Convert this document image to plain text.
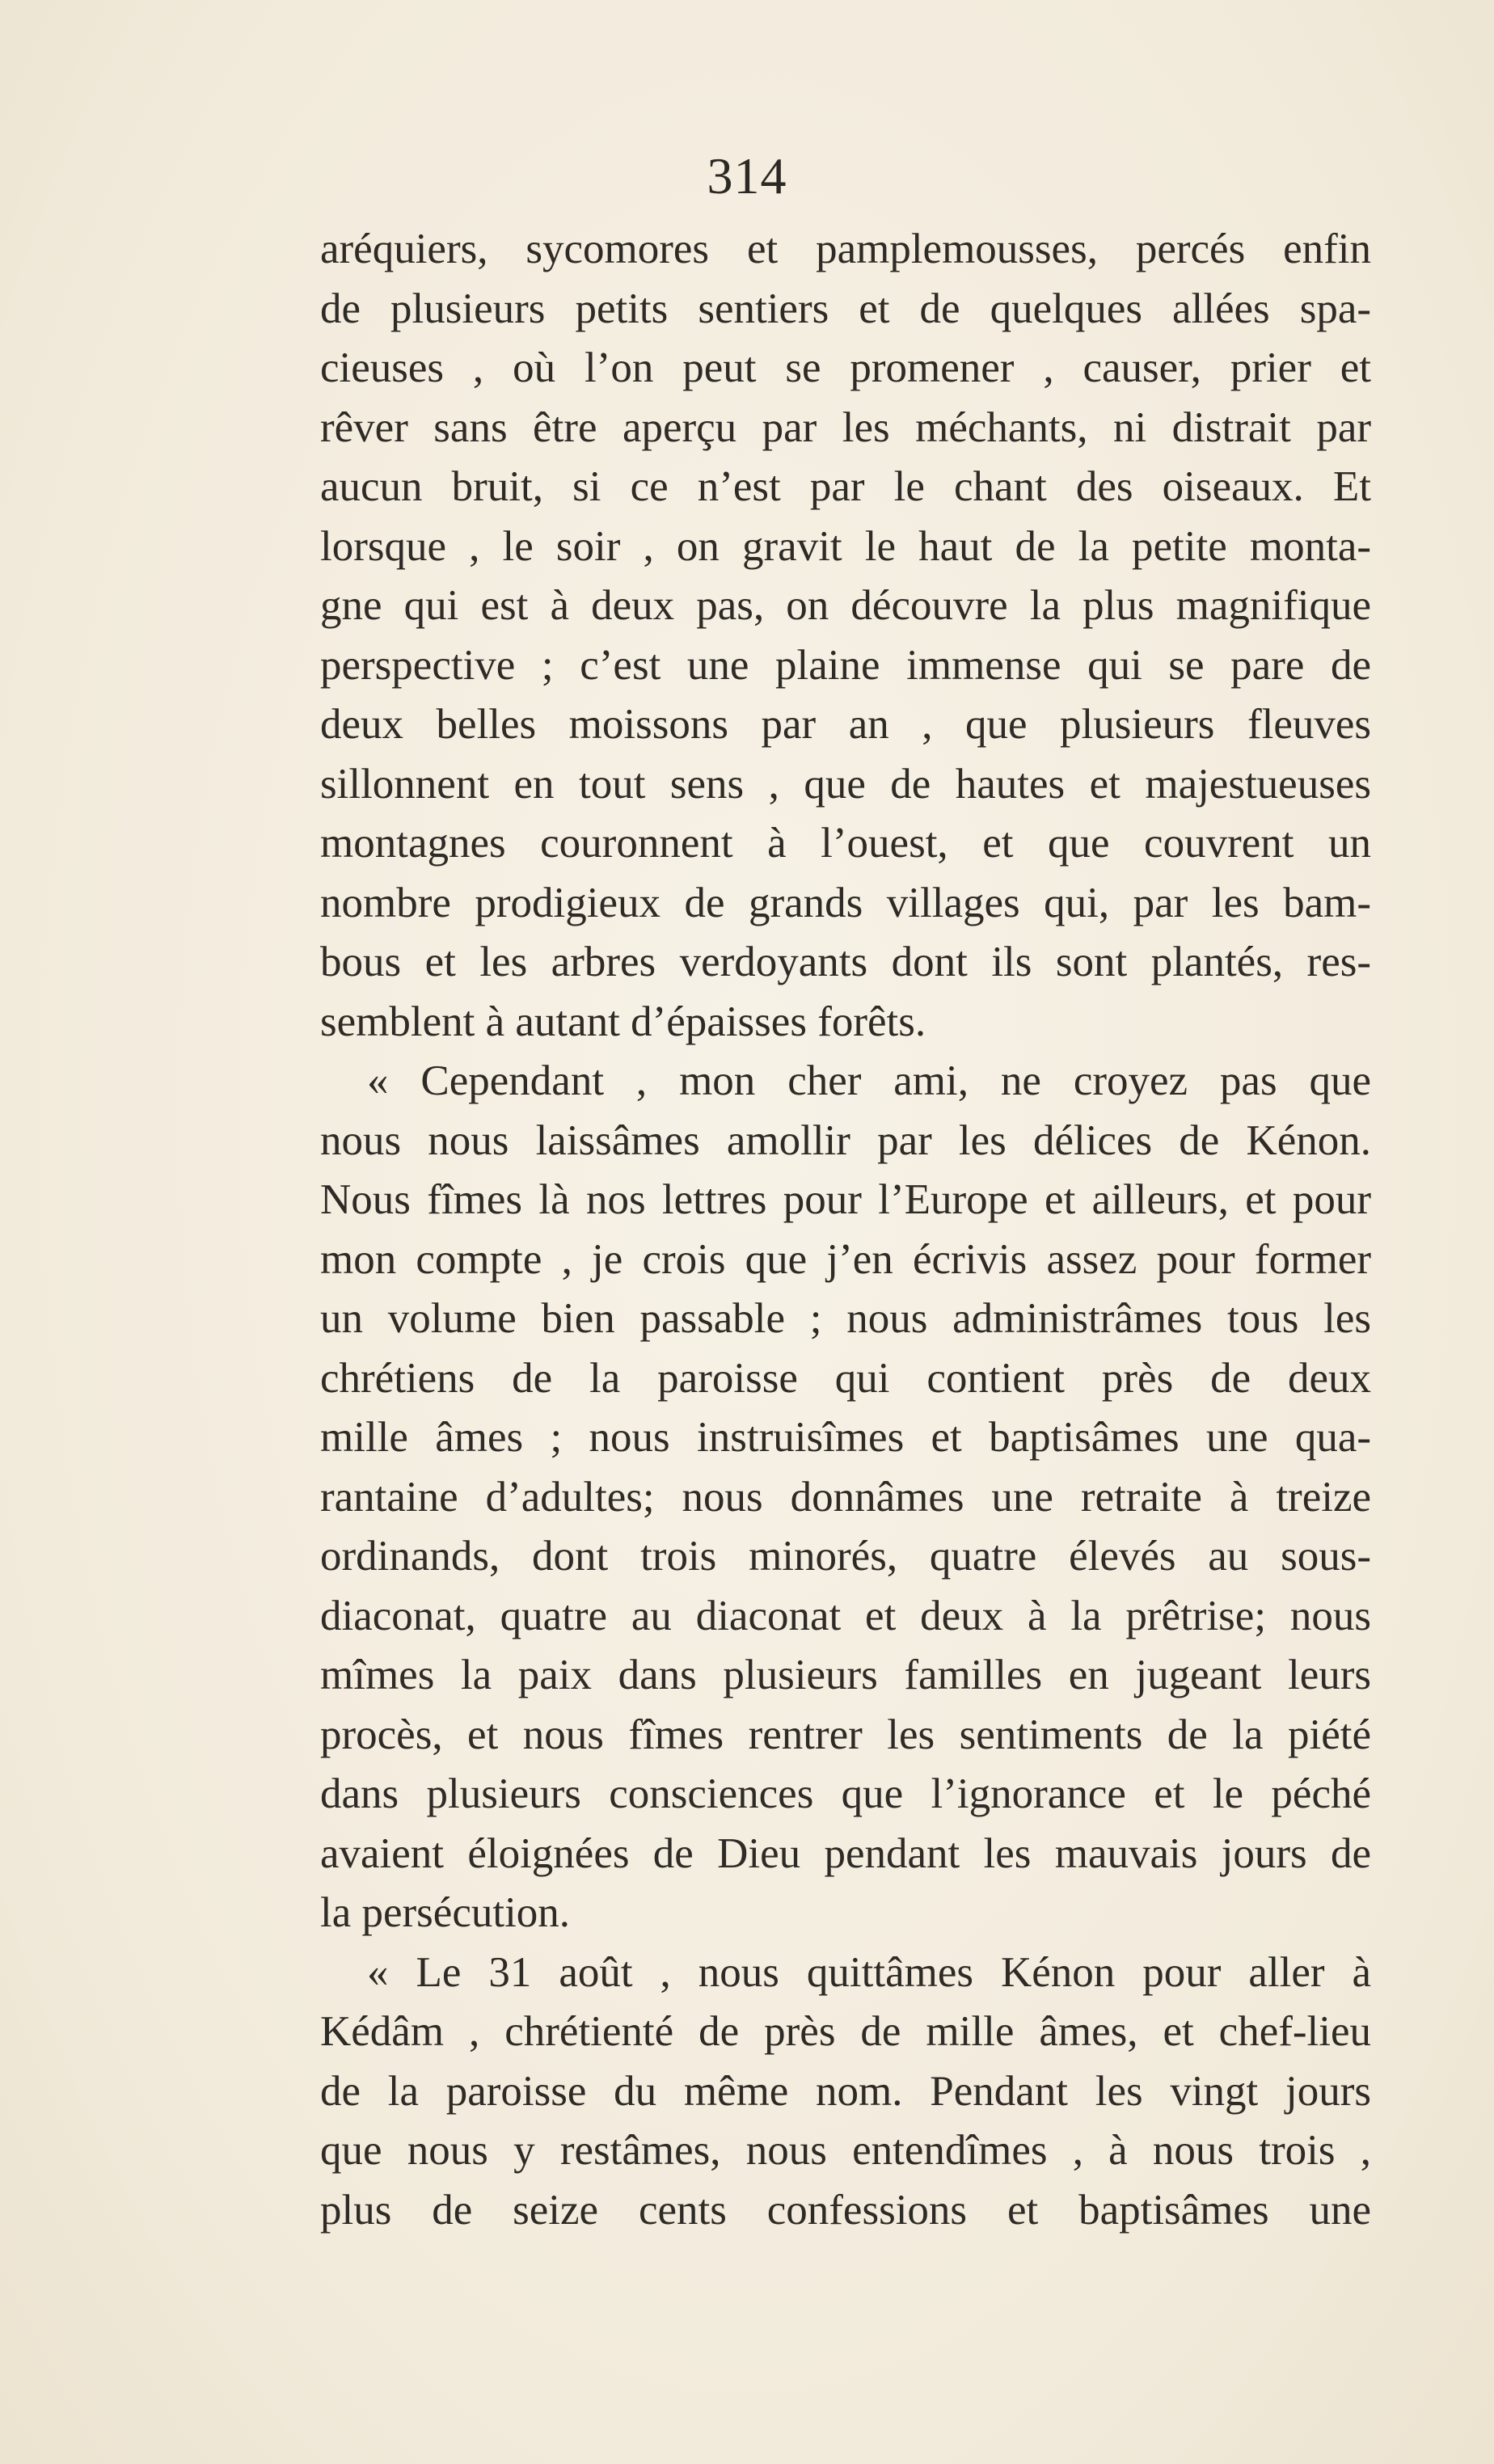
314
aréquiers, sycomores et pamplemousses, percés enfin
de plusieurs petits sentiers et de quelques allées spa-
cieuses , où l’on peut se promener , causer, prier et
rêver sans être aperçu par les méchants, ni distrait par
aucun bruit, si ce n’est par le chant des oiseaux. Et
lorsque , le soir , on gravit le haut de la petite monta-
gne qui est à deux pas, on découvre la plus magnifique
perspective ; c’est une plaine immense qui se pare de
deux belles moissons par an , que plusieurs fleuves
sillonnent en tout sens , que de hautes et majestueuses
montagnes couronnent à l’ouest, et que couvrent un
nombre prodigieux de grands villages qui, par les bam-
bous et les arbres verdoyants dont ils sont plantés, res-
semblent à autant d’épaisses forêts.
« Cependant , mon cher ami, ne croyez pas que
nous nous laissâmes amollir par les délices de Kénon.
Nous fîmes là nos lettres pour l’Europe et ailleurs, et pour
mon compte , je crois que j’en écrivis assez pour former
un volume bien passable ; nous administrâmes tous les
chrétiens de la paroisse qui contient près de deux
mille âmes ; nous instruisîmes et baptisâmes une qua-
rantaine d’adultes; nous donnâmes une retraite à treize
ordinands, dont trois minorés, quatre élevés au sous-
diaconat, quatre au diaconat et deux à la prêtrise; nous
mîmes la paix dans plusieurs familles en jugeant leurs
procès, et nous fîmes rentrer les sentiments de la piété
dans plusieurs consciences que l’ignorance et le péché
avaient éloignées de Dieu pendant les mauvais jours de
la persécution.
« Le 31 août , nous quittâmes Kénon pour aller à
Kédâm , chrétienté de près de mille âmes, et chef-lieu
de la paroisse du même nom. Pendant les vingt jours
que nous y restâmes, nous entendîmes , à nous trois ,
plus de seize cents confessions et baptisâmes une
